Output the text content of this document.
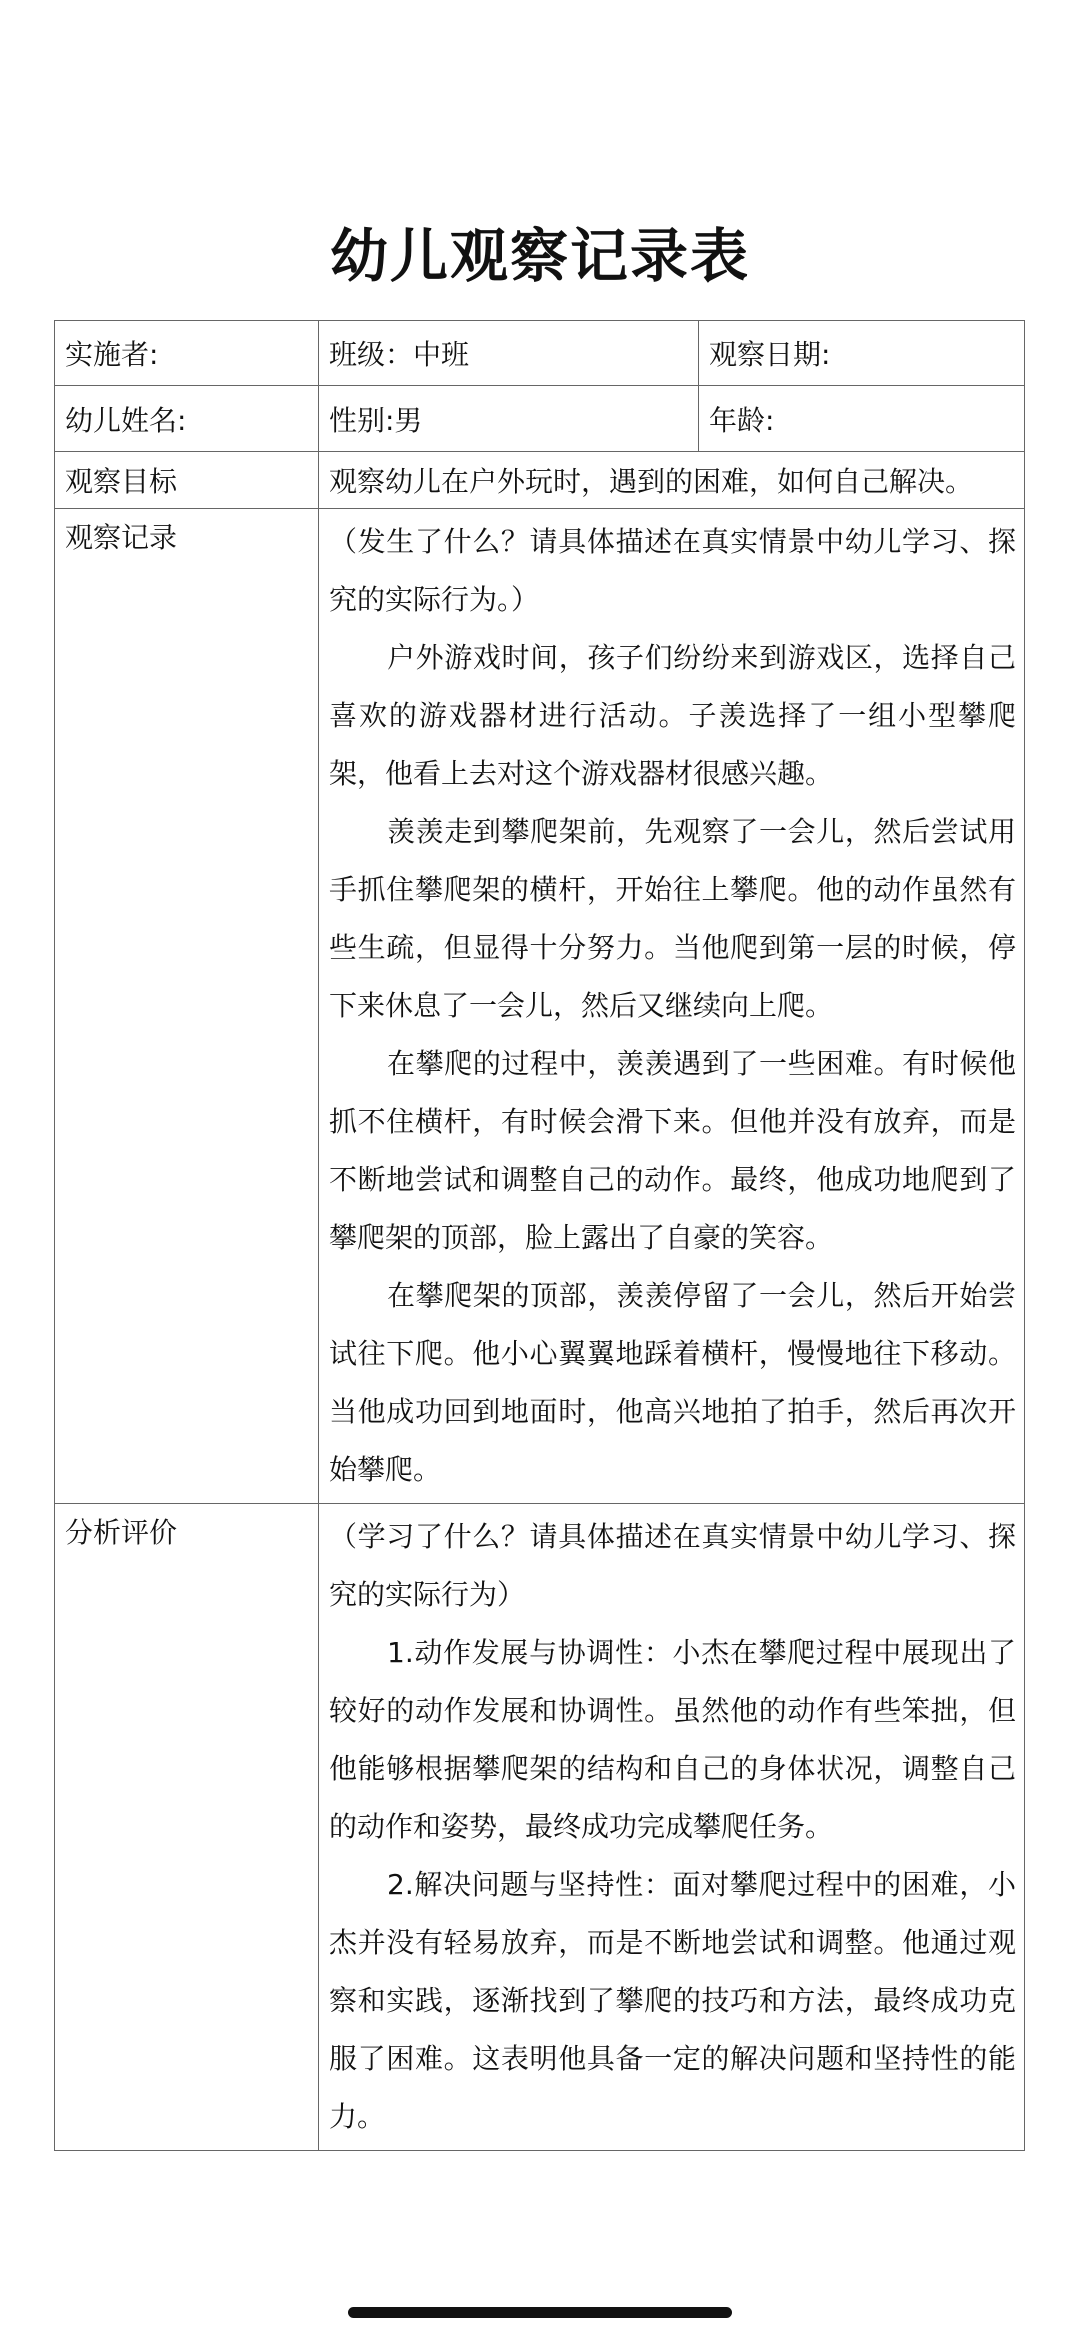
幼儿观察记录表
实施者:	班级：中班	观察日期:
幼儿姓名:	性别:男	年龄:
观察目标	观察幼儿在户外玩时，遇到的困难，如何自己解决。	
观察记录	（发生了什么？请具体描述在真实情景中幼儿学习、探究的实际行为。）

户外游戏时间，孩子们纷纷来到游戏区，选择自己喜欢的游戏器材进行活动。子羡选择了一组小型攀爬架，他看上去对这个游戏器材很感兴趣。

羡羡走到攀爬架前，先观察了一会儿，然后尝试用手抓住攀爬架的横杆，开始往上攀爬。他的动作虽然有些生疏，但显得十分努力。当他爬到第一层的时候，停下来休息了一会儿，然后又继续向上爬。

在攀爬的过程中，羡羡遇到了一些困难。有时候他抓不住横杆，有时候会滑下来。但他并没有放弃，而是不断地尝试和调整自己的动作。最终，他成功地爬到了攀爬架的顶部，脸上露出了自豪的笑容。

在攀爬架的顶部，羡羡停留了一会儿，然后开始尝试往下爬。他小心翼翼地踩着横杆，慢慢地往下移动。当他成功回到地面时，他高兴地拍了拍手，然后再次开始攀爬。	

分析评价	（学习了什么？请具体描述在真实情景中幼儿学习、探究的实际行为）

1.动作发展与协调性：小杰在攀爬过程中展现出了较好的动作发展和协调性。虽然他的动作有些笨拙，但他能够根据攀爬架的结构和自己的身体状况，调整自己的动作和姿势，最终成功完成攀爬任务。

2.解决问题与坚持性：面对攀爬过程中的困难，小杰并没有轻易放弃，而是不断地尝试和调整。他通过观察和实践，逐渐找到了攀爬的技巧和方法，最终成功克服了困难。这表明他具备一定的解决问题和坚持性的能力。	
